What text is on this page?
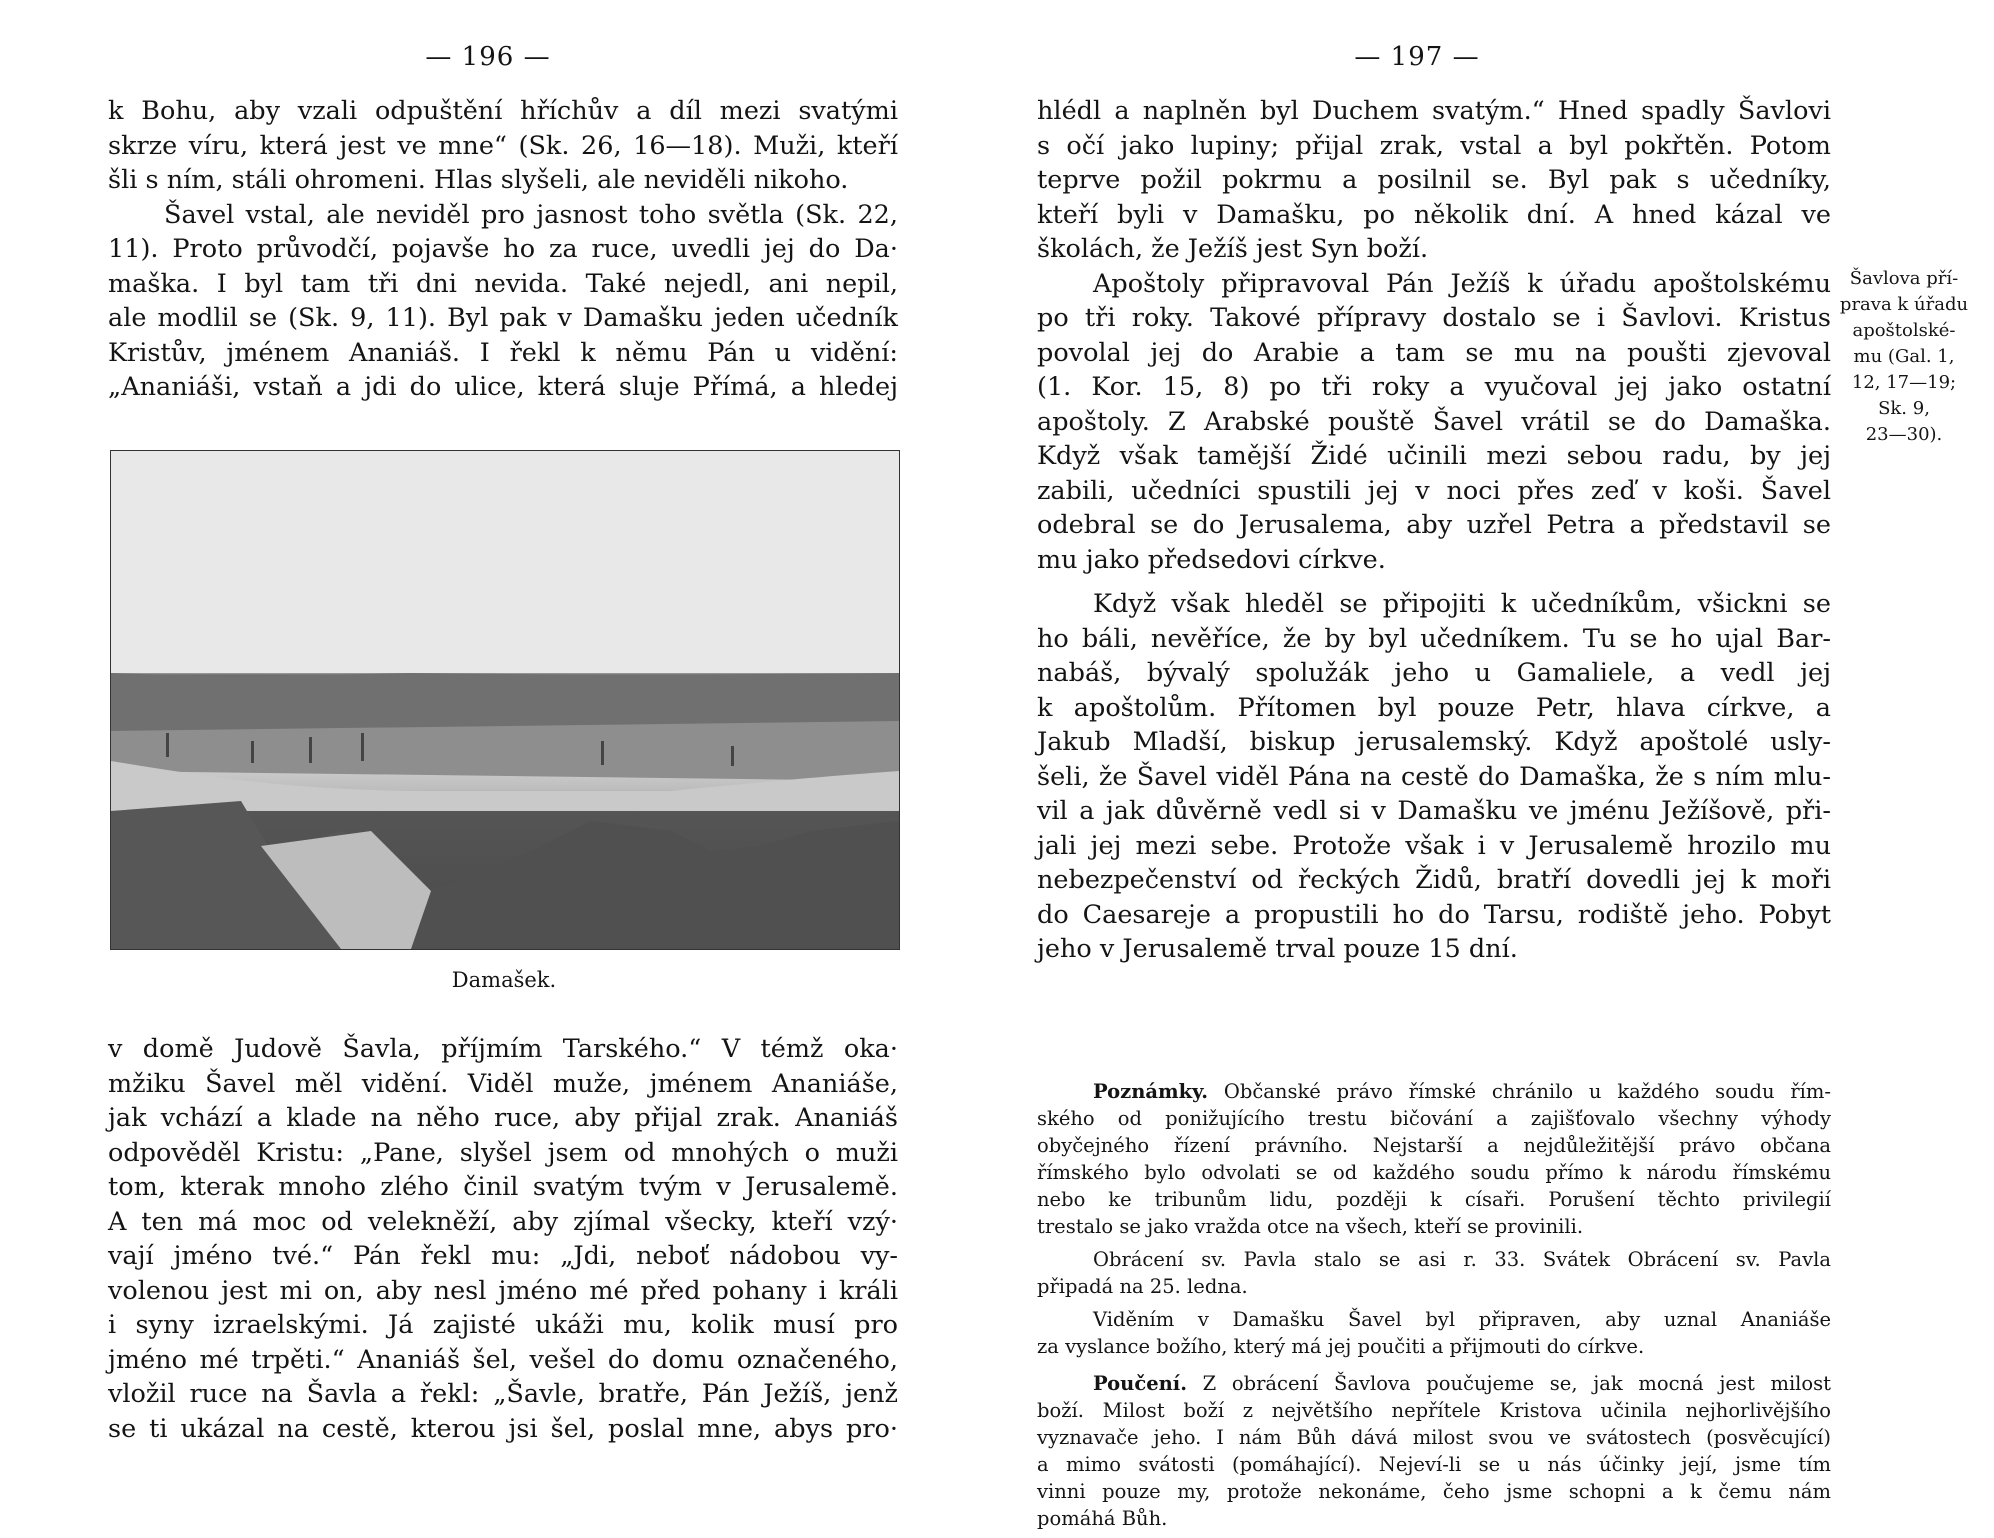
— 196 —
k Bohu, aby vzali odpuštění hříchův a díl mezi svatými
skrze víru, která jest ve mne“ (Sk. 26, 16—18). Muži, kteří
šli s ním, stáli ohromeni. Hlas slyšeli, ale neviděli nikoho.
Šavel vstal, ale neviděl pro jasnost toho světla (Sk. 22,
11). Proto průvodčí, pojavše ho za ruce, uvedli jej do Da·
maška. I byl tam tři dni nevida. Také nejedl, ani nepil,
ale modlil se (Sk. 9, 11). Byl pak v Damašku jeden učedník
Kristův, jménem Ananiáš. I řekl k němu Pán u vidění:
„Ananiáši, vstaň a jdi do ulice, která sluje Přímá, a hledej
Damašek.
v domě Judově Šavla, příjmím Tarského.“ V témž oka·
mžiku Šavel měl vidění. Viděl muže, jménem Ananiáše,
jak vchází a klade na něho ruce, aby přijal zrak. Ananiáš
odpověděl Kristu: „Pane, slyšel jsem od mnohých o muži
tom, kterak mnoho zlého činil svatým tvým v Jerusalemě.
A ten má moc od velekněží, aby zjímal všecky, kteří vzý·
vají jméno tvé.“ Pán řekl mu: „Jdi, neboť nádobou vy-
volenou jest mi on, aby nesl jméno mé před pohany i králi
i syny izraelskými. Já zajisté ukáži mu, kolik musí pro
jméno mé trpěti.“ Ananiáš šel, vešel do domu označeného,
vložil ruce na Šavla a řekl: „Šavle, bratře, Pán Ježíš, jenž
se ti ukázal na cestě, kterou jsi šel, poslal mne, abys pro·
— 197 —
hlédl a naplněn byl Duchem svatým.“ Hned spadly Šavlovi
s očí jako lupiny; přijal zrak, vstal a byl pokřtěn. Potom
teprve požil pokrmu a posilnil se. Byl pak s učedníky,
kteří byli v Damašku, po několik dní. A hned kázal ve
školách, že Ježíš jest Syn boží.
Apoštoly připravoval Pán Ježíš k úřadu apoštolskému
po tři roky. Takové přípravy dostalo se i Šavlovi. Kristus
povolal jej do Arabie a tam se mu na poušti zjevoval
(1. Kor. 15, 8) po tři roky a vyučoval jej jako ostatní
apoštoly. Z Arabské pouště Šavel vrátil se do Damaška.
Když však tamější Židé učinili mezi sebou radu, by jej
zabili, učedníci spustili jej v noci přes zeď v koši. Šavel
odebral se do Jerusalema, aby uzřel Petra a představil se
mu jako předsedovi církve.
Když však hleděl se připojiti k učedníkům, všickni se
ho báli, nevěříce, že by byl učedníkem. Tu se ho ujal Bar-
nabáš, bývalý spolužák jeho u Gamaliele, a vedl jej
k apoštolům. Přítomen byl pouze Petr, hlava církve, a
Jakub Mladší, biskup jerusalemský. Když apoštolé usly-
šeli, že Šavel viděl Pána na cestě do Damaška, že s ním mlu-
vil a jak důvěrně vedl si v Damašku ve jménu Ježíšově, při-
jali jej mezi sebe. Protože však i v Jerusalemě hrozilo mu
nebezpečenství od řeckých Židů, bratří dovedli jej k moři
do Caesareje a propustili ho do Tarsu, rodiště jeho. Pobyt
jeho v Jerusalemě trval pouze 15 dní.
Šavlova pří-
prava k úřadu
apoštolské-
mu (Gal. 1,
12, 17—19;
Sk. 9,
23—30).
Poznámky. Občanské právo římské chránilo u každého soudu řím-
ského od ponižujícího trestu bičování a zajišťovalo všechny výhody
obyčejného řízení právního. Nejstarší a nejdůležitější právo občana
římského bylo odvolati se od každého soudu přímo k národu římskému
nebo ke tribunům lidu, později k císaři. Porušení těchto privilegií
trestalo se jako vražda otce na všech, kteří se provinili.
Obrácení sv. Pavla stalo se asi r. 33. Svátek Obrácení sv. Pavla
připadá na 25. ledna.
Viděním v Damašku Šavel byl připraven, aby uznal Ananiáše
za vyslance božího, který má jej poučiti a přijmouti do církve.
Poučení. Z obrácení Šavlova poučujeme se, jak mocná jest milost
boží. Milost boží z největšího nepřítele Kristova učinila nejhorlivějšího
vyznavače jeho. I nám Bůh dává milost svou ve svátostech (posvěcující)
a mimo svátosti (pomáhající). Nejeví-li se u nás účinky její, jsme tím
vinni pouze my, protože nekonáme, čeho jsme schopni a k čemu nám
pomáhá Bůh.
